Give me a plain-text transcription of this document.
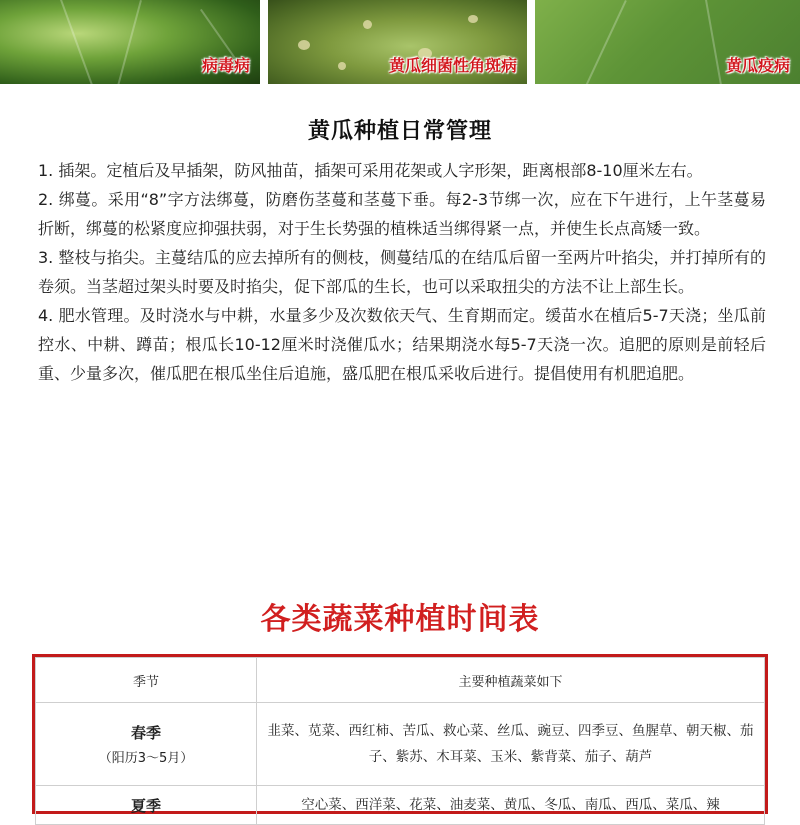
病毒病	黄瓜细菌性角斑病	黄瓜疫病
黄瓜种植日常管理

1. 插架。定植后及早插架，防风抽苗，插架可采用花架或人字形架，距离根部8-10厘米左右。

2. 绑蔓。采用“8”字方法绑蔓，防磨伤茎蔓和茎蔓下垂。每2-3节绑一次，应在下午进行，上午茎蔓易折断，绑蔓的松紧度应抑强扶弱，对于生长势强的植株适当绑得紧一点，并使生长点高矮一致。

3. 整枝与掐尖。主蔓结瓜的应去掉所有的侧枝，侧蔓结瓜的在结瓜后留一至两片叶掐尖，并打掉所有的卷须。当茎超过架头时要及时掐尖，促下部瓜的生长，也可以采取扭尖的方法不让上部生长。

4. 肥水管理。及时浇水与中耕，水量多少及次数依天气、生育期而定。缓苗水在植后5-7天浇；坐瓜前控水、中耕、蹲苗；根瓜长10-12厘米时浇催瓜水；结果期浇水每5-7天浇一次。追肥的原则是前轻后重、少量多次，催瓜肥在根瓜坐住后追施，盛瓜肥在根瓜采收后进行。提倡使用有机肥追肥。

各类蔬菜种植时间表
季节	主要种植蔬菜如下

春季
（阳历3～5月）	韭菜、苋菜、西红柿、苦瓜、救心菜、丝瓜、豌豆、四季豆、鱼腥草、朝天椒、茄子、紫苏、木耳菜、玉米、紫背菜、茄子、葫芦

夏季	空心菜、西洋菜、花菜、油麦菜、黄瓜、冬瓜、南瓜、西瓜、菜瓜、辣
